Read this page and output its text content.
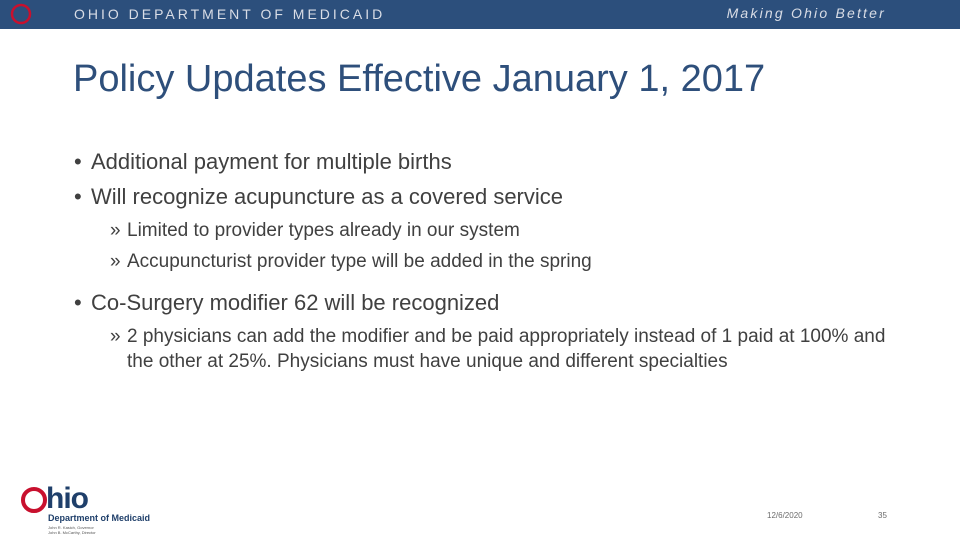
OHIO DEPARTMENT OF MEDICAID	Making Ohio Better
Policy Updates Effective January 1, 2017
• Additional payment for multiple births
• Will recognize acupuncture as a covered service
» Limited to provider types already in our system
» Accupuncturist provider type will be added in the spring
• Co-Surgery modifier 62 will be recognized
» 2 physicians can add the modifier and be paid appropriately instead of 1 paid at 100% and the other at 25%. Physicians must have unique and different specialties
hio
Department of Medicaid
John R. Kasich, Governor
John B. McCarthy, Director
12/6/2020	35
